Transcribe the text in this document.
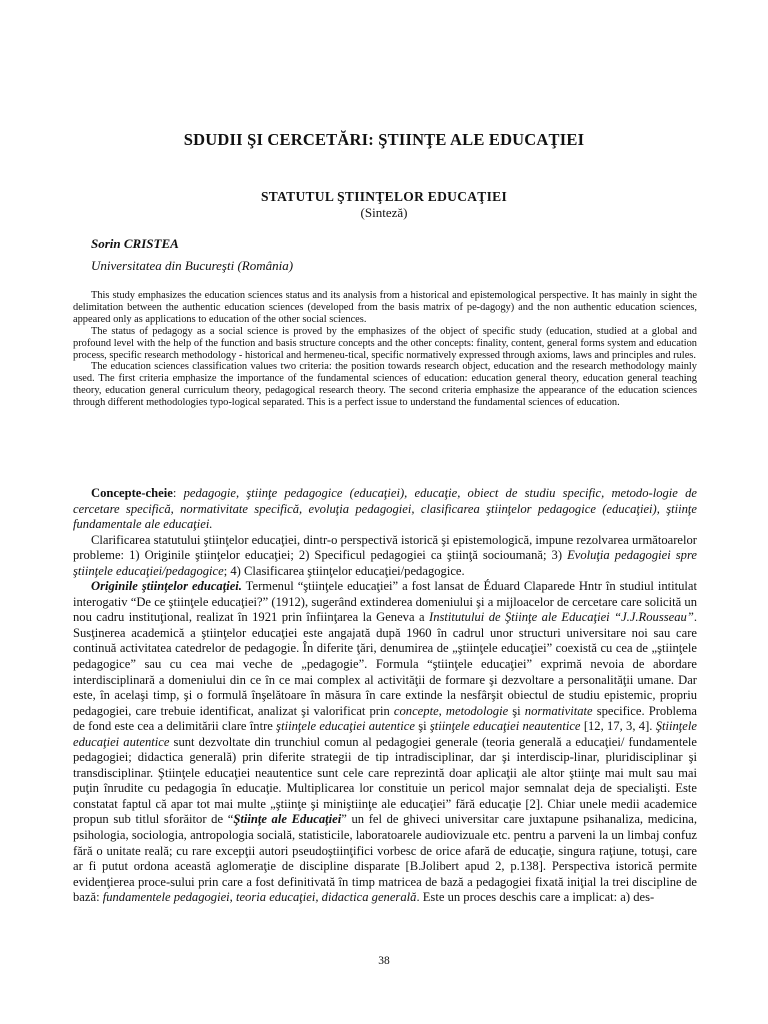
SDUDII ŞI CERCETĂRI: ŞTIINŢE ALE EDUCAŢIEI
STATUTUL ŞTIINŢELOR EDUCAŢIEI
(Sinteză)
Sorin CRISTEA
Universitatea din Bucureşti (România)

This study emphasizes the education sciences status and its analysis from a historical and epistemological perspective. It has mainly in sight the delimitation between the authentic education sciences (developed from the basis matrix of pe-dagogy) and the non authentic education sciences, appeared only as applications to education of the other social sciences.

The status of pedagogy as a social science is proved by the emphasizes of the object of specific study (education, studied at a global and profound level with the help of the function and basis structure concepts and the other concepts: finality, content, general forms system and education process, specific research methodology - historical and hermeneu-tical, specific normatively expressed through axioms, laws and principles and rules.

The education sciences classification values two criteria: the position towards research object, education and the research methodology mainly used. The first criteria emphasize the importance of the fundamental sciences of education: education general theory, education general teaching theory, education general curriculum theory, pedagogical research theory. The second criteria emphasize the appearance of the education sciences through different methodologies typo-logical separated. This is a perfect issue to understand the fundamental sciences of education.

Concepte-cheie: pedagogie, ştiinţe pedagogice (educaţiei), educaţie, obiect de studiu specific, metodo-logie de cercetare specifică, normativitate specifică, evoluţia pedagogiei, clasificarea ştiinţelor pedagogice (educaţiei), ştiinţe fundamentale ale educaţiei.

Clarificarea statutului ştiinţelor educaţiei, dintr-o perspectivă istorică şi epistemologică, impune rezolvarea următoarelor probleme: 1) Originile ştiinţelor educaţiei; 2) Specificul pedagogiei ca ştiinţă socioumană; 3) Evoluţia pedagogiei spre ştiinţele educaţiei/pedagogice; 4) Clasificarea ştiinţelor educaţiei/pedagogice.

Originile ştiinţelor educaţiei. Termenul “ştiinţele educaţiei” a fost lansat de Éduard Claparede Hntr în studiul intitulat interogativ “De ce ştiinţele educaţiei?” (1912), sugerând extinderea domeniului şi a mijloacelor de cercetare care solicită un nou cadru instituţional, realizat în 1921 prin înfiinţarea la Geneva a Institutului de Ştiinţe ale Educaţiei “J.J.Rousseau”. Susţinerea academică a ştiinţelor educaţiei este angajată după 1960 în cadrul unor structuri universitare noi sau care continuă activitatea catedrelor de pedagogie. În diferite ţări, denumirea de „ştiinţele educaţiei” coexistă cu cea de „ştiinţele pedagogice” sau cu cea mai veche de „pedagogie”. Formula “ştiinţele educaţiei” exprimă nevoia de abordare interdisciplinară a domeniului din ce în ce mai complex al activităţii de formare şi dezvoltare a personalităţii umane. Dar este, în acelaşi timp, şi o formulă înşelătoare în măsura în care extinde la nesfârşit obiectul de studiu epistemic, propriu pedagogiei, care trebuie identificat, analizat şi valorificat prin concepte, metodologie şi normativitate specifice. Problema de fond este cea a delimitării clare între ştiinţele educaţiei autentice şi ştiinţele educaţiei neautentice [12, 17, 3, 4]. Ştiinţele educaţiei autentice sunt dezvoltate din trunchiul comun al pedagogiei generale (teoria generală a educaţiei/ fundamentele pedagogiei; didactica generală) prin diferite strategii de tip intradisciplinar, dar şi interdiscip-linar, pluridisciplinar şi transdisciplinar. Ştiinţele educaţiei neautentice sunt cele care reprezintă doar aplicaţii ale altor ştiinţe mai mult sau mai puţin înrudite cu pedagogia în educaţie. Multiplicarea lor constituie un pericol major semnalat deja de specialişti. Este constatat faptul că apar tot mai multe „ştiinţe şi miniştiinţe ale educaţiei” fără educaţie [2]. Chiar unele medii academice propun sub titlul sforăitor de “Ştiinţe ale Educaţiei” un fel de ghiveci universitar care juxtapune psihanaliza, medicina, psihologia, sociologia, antropologia socială, statisticile, laboratoarele audiovizuale etc. pentru a parveni la un limbaj confuz fără o unitate reală; cu rare excepţii autori pseudoştiinţifici vorbesc de orice afară de educaţie, singura raţiune, totuşi, care ar fi putut ordona această aglomeraţie de discipline disparate [B.Jolibert apud 2, p.138]. Perspectiva istorică permite evidenţierea proce-sului prin care a fost definitivată în timp matricea de bază a pedagogiei fixată iniţial la trei discipline de bază: fundamentele pedagogiei, teoria educaţiei, didactica generală. Este un proces deschis care a implicat: a) des-

38
